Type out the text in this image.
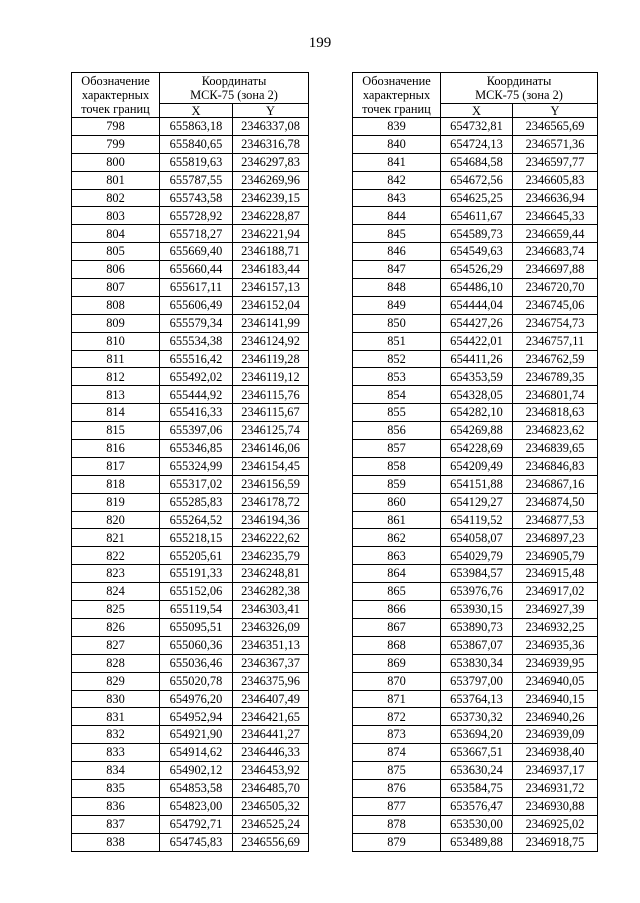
199
Обозначение
характерных
точек границ	Координаты
МСК-75 (зона 2)	
	X	Y
798	655863,18	2346337,08
799	655840,65	2346316,78
800	655819,63	2346297,83
801	655787,55	2346269,96
802	655743,58	2346239,15
803	655728,92	2346228,87
804	655718,27	2346221,94
805	655669,40	2346188,71
806	655660,44	2346183,44
807	655617,11	2346157,13
808	655606,49	2346152,04
809	655579,34	2346141,99
810	655534,38	2346124,92
811	655516,42	2346119,28
812	655492,02	2346119,12
813	655444,92	2346115,76
814	655416,33	2346115,67
815	655397,06	2346125,74
816	655346,85	2346146,06
817	655324,99	2346154,45
818	655317,02	2346156,59
819	655285,83	2346178,72
820	655264,52	2346194,36
821	655218,15	2346222,62
822	655205,61	2346235,79
823	655191,33	2346248,81
824	655152,06	2346282,38
825	655119,54	2346303,41
826	655095,51	2346326,09
827	655060,36	2346351,13
828	655036,46	2346367,37
829	655020,78	2346375,96
830	654976,20	2346407,49
831	654952,94	2346421,65
832	654921,90	2346441,27
833	654914,62	2346446,33
834	654902,12	2346453,92
835	654853,58	2346485,70
836	654823,00	2346505,32
837	654792,71	2346525,24
838	654745,83	2346556,69
Обозначение
характерных
точек границ	Координаты
МСК-75 (зона 2)	
	X	Y
839	654732,81	2346565,69
840	654724,13	2346571,36
841	654684,58	2346597,77
842	654672,56	2346605,83
843	654625,25	2346636,94
844	654611,67	2346645,33
845	654589,73	2346659,44
846	654549,63	2346683,74
847	654526,29	2346697,88
848	654486,10	2346720,70
849	654444,04	2346745,06
850	654427,26	2346754,73
851	654422,01	2346757,11
852	654411,26	2346762,59
853	654353,59	2346789,35
854	654328,05	2346801,74
855	654282,10	2346818,63
856	654269,88	2346823,62
857	654228,69	2346839,65
858	654209,49	2346846,83
859	654151,88	2346867,16
860	654129,27	2346874,50
861	654119,52	2346877,53
862	654058,07	2346897,23
863	654029,79	2346905,79
864	653984,57	2346915,48
865	653976,76	2346917,02
866	653930,15	2346927,39
867	653890,73	2346932,25
868	653867,07	2346935,36
869	653830,34	2346939,95
870	653797,00	2346940,05
871	653764,13	2346940,15
872	653730,32	2346940,26
873	653694,20	2346939,09
874	653667,51	2346938,40
875	653630,24	2346937,17
876	653584,75	2346931,72
877	653576,47	2346930,88
878	653530,00	2346925,02
879	653489,88	2346918,75
